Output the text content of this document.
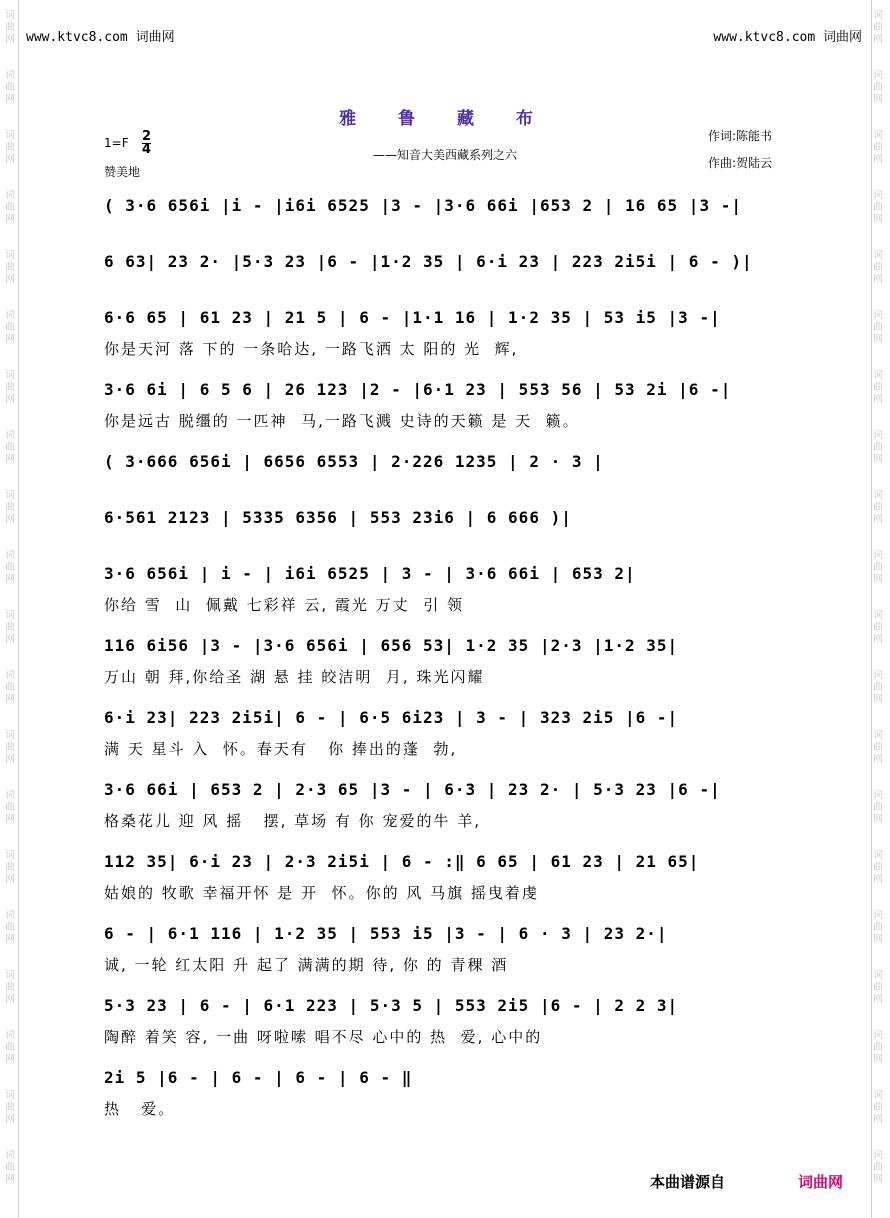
词
曲
网
词
曲
网
词
曲
网
词
曲
网
词
曲
网
词
曲
网
词
曲
网
词
曲
网
词
曲
网
词
曲
网
词
曲
网
词
曲
网
词
曲
网
词
曲
网
词
曲
网
词
曲
网
词
曲
网
词
曲
网
词
曲
网
词
曲
网
词
曲
网
词
曲
网
词
曲
网
词
曲
网
词
曲
网
词
曲
网
词
曲
网
词
曲
网
词
曲
网
词
曲
网
词
曲
网
词
曲
网
词
曲
网
词
曲
网
词
曲
网
词
曲
网
词
曲
网
词
曲
网
词
曲
网
词
曲
网
www.ktvc8.com 词曲网	www.ktvc8.com 词曲网
雅 鲁 藏 布
——知音大美西藏系列之六
1=F 2
4
赞美地
作词:陈能书
作曲:贺陆云
( 3·6 656i |i - |i6i 6525 |3 - |3·6 66i |653 2 | 16 65 |3 -|
6 63| 23 2· |5·3 23 |6 - |1·2 35 | 6·i 23 | 223 2i5i | 6 - )|
6·6 65 | 61 23 | 21 5 | 6 - |1·1 16 | 1·2 35 | 53 i5 |3 -|
你是天河 落 下的 一条哈达, 一路飞洒 太 阳的 光  辉,
3·6 6i | 6 5 6 | 26 123 |2 - |6·1 23 | 553 56 | 53 2i |6 -|
你是远古 脱缰的 一匹神  马,一路飞溅 史诗的天籁 是 天  籁。
( 3·666 656i | 6656 6553 | 2·226 1235 | 2 · 3 |
6·561 2123 | 5335 6356 | 553 23i6 | 6 666 )|
3·6 656i | i - | i6i 6525 | 3 - | 3·6 66i | 653 2|
你给 雪  山  佩戴 七彩祥 云, 霞光 万丈  引 领
116 6i56 |3 - |3·6 656i | 656 53| 1·2 35 |2·3 |1·2 35|
万山 朝 拜,你给圣 湖 悬 挂 皎洁明  月, 珠光闪耀
6·i 23| 223 2i5i| 6 - | 6·5 6i23 | 3 - | 323 2i5 |6 -|
满 天 星斗 入  怀。春天有   你 捧出的蓬  勃,
3·6 66i | 653 2 | 2·3 65 |3 - | 6·3 | 23 2· | 5·3 23 |6 -|
格桑花儿 迎 风 摇   摆, 草场 有 你 宠爱的牛 羊,
112 35| 6·i 23 | 2·3 2i5i | 6 - :‖ 6 65 | 61 23 | 21 65|
姑娘的 牧歌 幸福开怀 是 开  怀。你的 风 马旗 摇曳着虔
6 - | 6·1 116 | 1·2 35 | 553 i5 |3 - | 6 · 3 | 23 2·|
诚, 一轮 红太阳 升 起了 满满的期 待, 你 的 青稞 酒
5·3 23 | 6 - | 6·1 223 | 5·3 5 | 553 2i5 |6 - | 2 2 3|
陶醉 着笑 容, 一曲 呀啦嗦 唱不尽 心中的 热  爱, 心中的
2i 5 |6 - | 6 - | 6 - | 6 - ‖
热   爱。
本曲谱源自	词曲网
